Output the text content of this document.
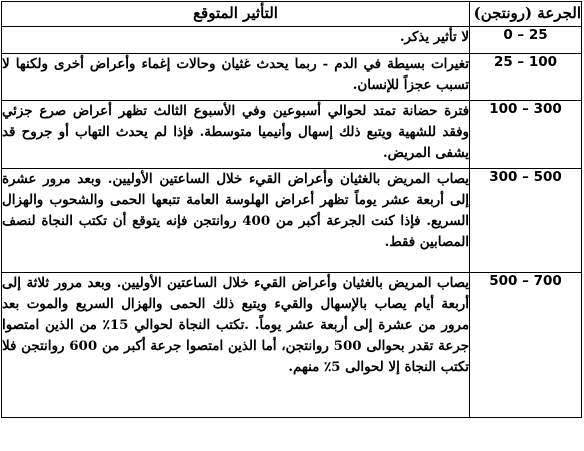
الجرعة (رونتجن)	التأثير المتوقع
0 – 25	لا تأثير يذكر.
25 – 100	تغيرات بسيطة في الدم - ربما يحدث غثيان وحالات إغماء وأعراض أخرى ولكنها لا تسبب عجزاً للإنسان.
100 – 300	فترة حضانة تمتد لحوالي أسبوعين وفي الأسبوع الثالث تظهر أعراض صرع جزئي وفقد للشهية ويتبع ذلك إسهال وأنيميا متوسطة. فإذا لم يحدث التهاب أو جروح قد يشفى المريض.
300 – 500	يصاب المريض بالغثيان وأعراض القيء خلال الساعتين الأوليين. وبعد مرور عشرة إلى أربعة عشر يوماً تظهر أعراض الهلوسة العامة تتبعها الحمى والشحوب والهزال السريع. فإذا كنت الجرعة أكبر من 400 روانتجن فإنه يتوقع أن تكتب النجاة لنصف المصابين فقط.
500 – 700	يصاب المريض بالغثيان وأعراض القيء خلال الساعتين الأوليين. وبعد مرور ثلاثة إلى أربعة أيام يصاب بالإسهال والقيء ويتبع ذلك الحمى والهزال السريع والموت بعد مرور من عشرة إلى أربعة عشر يوماً. .تكتب النجاة لحوالي 15٪ من الذين امتصوا جرعة تقدر بحوالى 500 روانتجن، أما الذين امتصوا جرعة أكبر من 600 روانتجن فلا تكتب النجاة إلا لحوالى 5٪ منهم.
